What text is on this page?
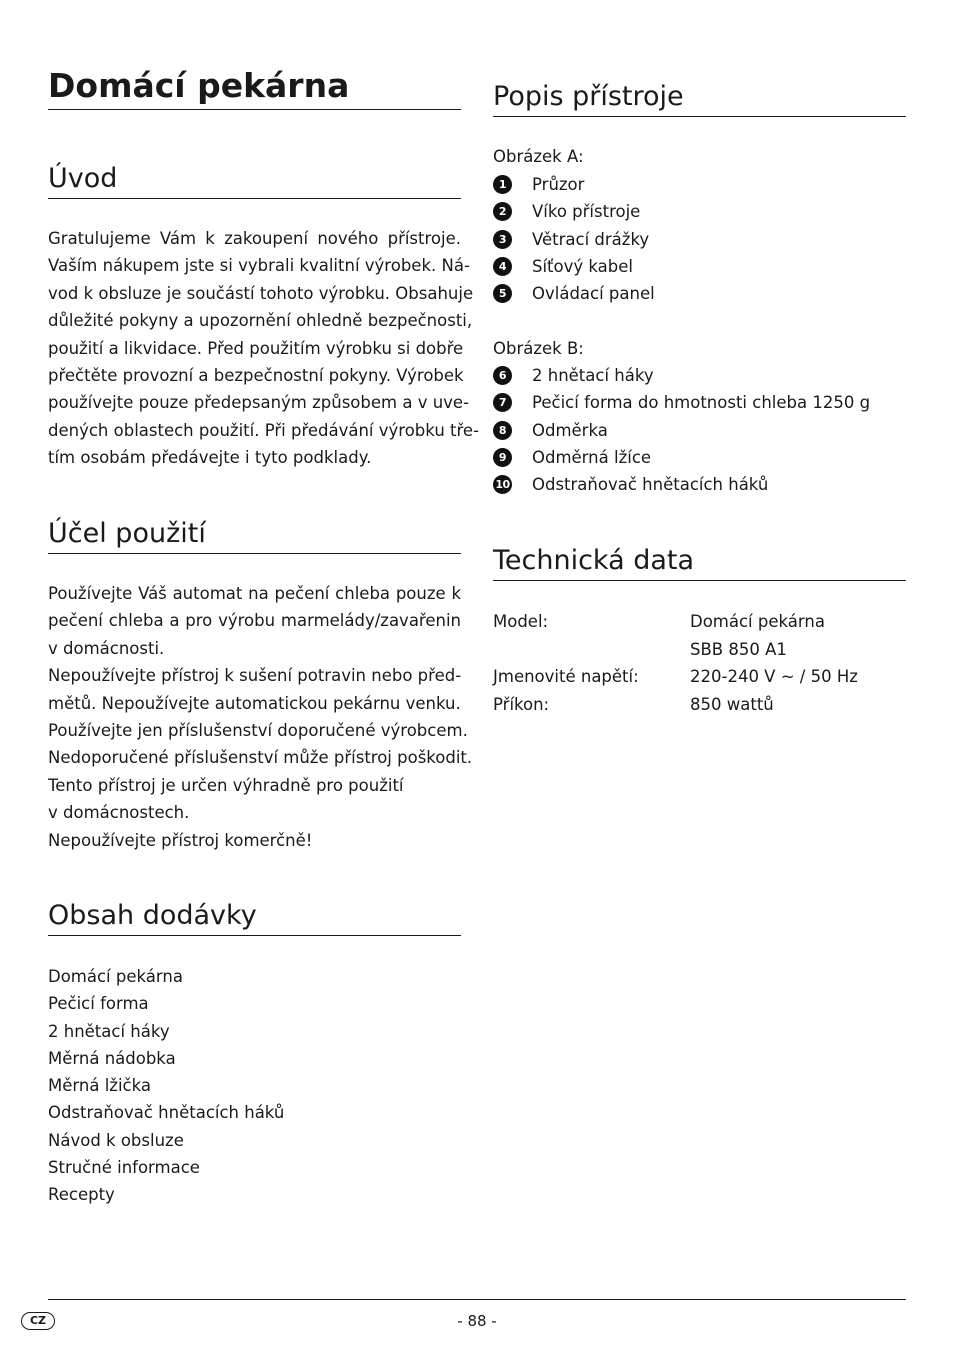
Domácí pekárna
Úvod
Gratulujeme Vám k zakoupení nového přístroje.
Vaším nákupem jste si vybrali kvalitní výrobek. Ná-
vod k obsluze je součástí tohoto výrobku. Obsahuje
důležité pokyny a upozornění ohledně bezpečnosti,
použití a likvidace. Před použitím výrobku si dobře
přečtěte provozní a bezpečnostní pokyny. Výrobek
používejte pouze předepsaným způsobem a v uve-
dených oblastech použití. Při předávání výrobku tře-
tím osobám předávejte i tyto podklady.
Účel použití
Používejte Váš automat na pečení chleba pouze k
pečení chleba a pro výrobu marmelády/zavařenin
v domácnosti.
Nepoužívejte přístroj k sušení potravin nebo před-
mětů. Nepoužívejte automatickou pekárnu venku.
Používejte jen příslušenství doporučené výrobcem.
Nedoporučené příslušenství může přístroj poškodit.
Tento přístroj je určen výhradně pro použití
v domácnostech.
Nepoužívejte přístroj komerčně!
Obsah dodávky
Domácí pekárna
Pečicí forma
2 hnětací háky
Měrná nádobka
Měrná lžička
Odstraňovač hnětacích háků
Návod k obsluze
Stručné informace
Recepty
Popis přístroje
Obrázek A:
1	Průzor
2	Víko přístroje
3	Větrací drážky
4	Síťový kabel
5	Ovládací panel
Obrázek B:
6	2 hnětací háky
7	Pečicí forma do hmotnosti chleba 1250 g
8	Odměrka
9	Odměrná lžíce
10 Odstraňovač hnětacích háků
Technická data
Model:	Domácí pekárna
SBB 850 A1
Jmenovité napětí:	220-240 V ~ / 50 Hz
Příkon:	850 wattů
CZ	- 88 -
